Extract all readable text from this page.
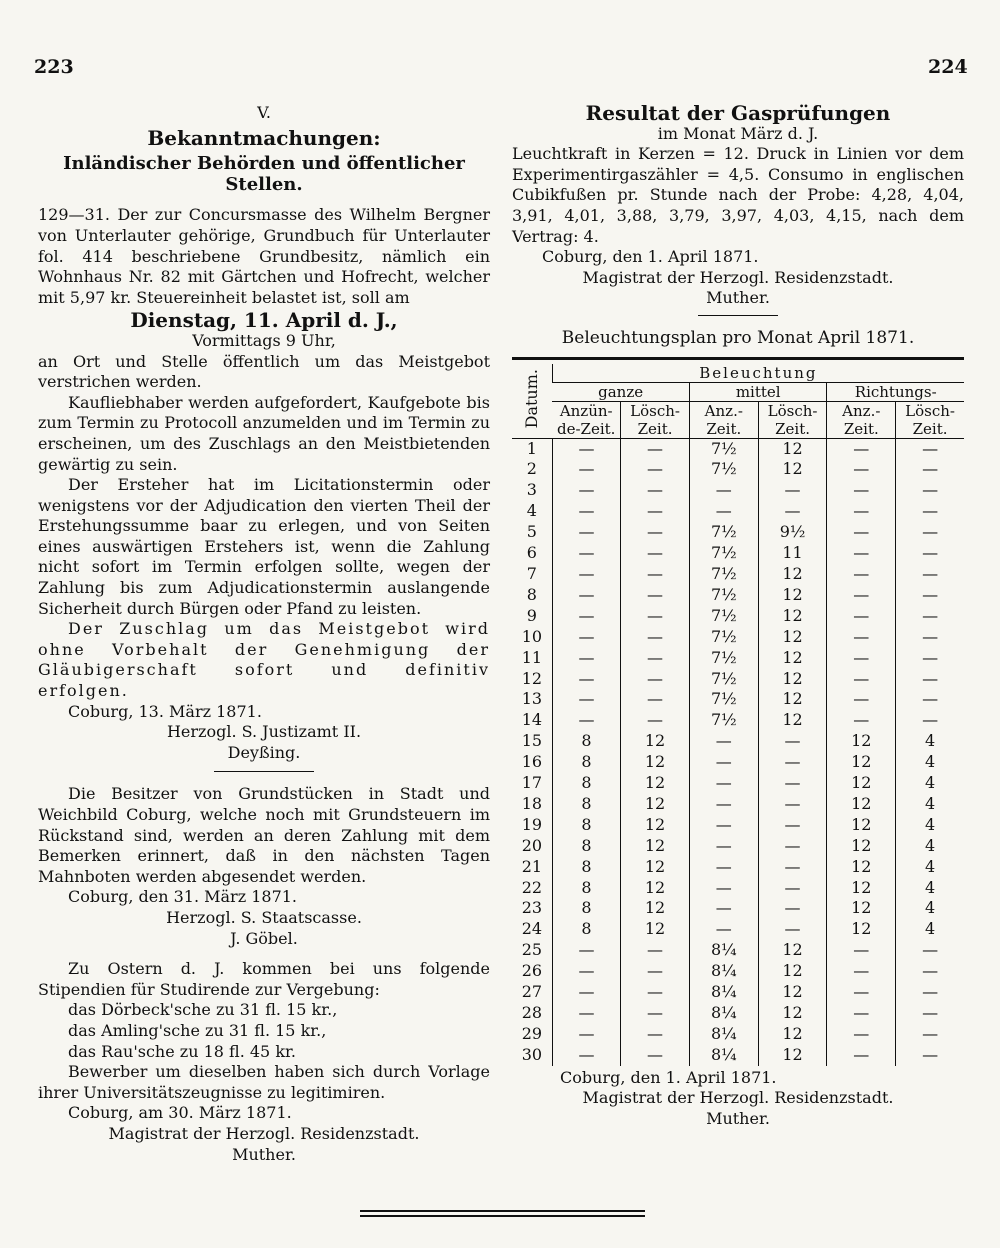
223	224

V.

Bekanntmachungen:

Inländischer Behörden und öffentlicher Stellen.

129—31. Der zur Concursmasse des Wilhelm Bergner von Unterlauter gehörige, Grundbuch für Unterlauter fol. 414 beschriebene Grundbesitz, nämlich ein Wohnhaus Nr. 82 mit Gärtchen und Hofrecht, welcher mit 5,97 kr. Steuereinheit belastet ist, soll am

Dienstag, 11. April d. J.,

Vormittags 9 Uhr,

an Ort und Stelle öffentlich um das Meistgebot verstrichen werden.

Kaufliebhaber werden aufgefordert, Kaufgebote bis zum Termin zu Protocoll anzumelden und im Termin zu erscheinen, um des Zuschlags an den Meistbietenden gewärtig zu sein.

Der Ersteher hat im Licitationstermin oder wenigstens vor der Adjudication den vierten Theil der Erstehungssumme baar zu erlegen, und von Seiten eines auswärtigen Erstehers ist, wenn die Zahlung nicht sofort im Termin erfolgen sollte, wegen der Zahlung bis zum Adjudicationstermin auslangende Sicherheit durch Bürgen oder Pfand zu leisten.

Der Zuschlag um das Meistgebot wird ohne Vorbehalt der Genehmigung der Gläubigerschaft sofort und definitiv erfolgen.

Coburg, 13. März 1871.

Herzogl. S. Justizamt II.

Deyßing.

Die Besitzer von Grundstücken in Stadt und Weichbild Coburg, welche noch mit Grundsteuern im Rückstand sind, werden an deren Zahlung mit dem Bemerken erinnert, daß in den nächsten Tagen Mahnboten werden abgesendet werden.

Coburg, den 31. März 1871.

Herzogl. S. Staatscasse.

J. Göbel.

Zu Ostern d. J. kommen bei uns folgende Stipendien für Studirende zur Vergebung:

das Dörbeck'sche zu 31 fl. 15 kr.,

das Amling'sche zu 31 fl. 15 kr.,

das Rau'sche zu 18 fl. 45 kr.

Bewerber um dieselben haben sich durch Vorlage ihrer Universitätszeugnisse zu legitimiren.

Coburg, am 30. März 1871.

Magistrat der Herzogl. Residenzstadt.

Muther.

Resultat der Gasprüfungen

im Monat März d. J.

Leuchtkraft in Kerzen = 12. Druck in Linien vor dem Experimentirgaszähler = 4,5. Consumo in englischen Cubikfußen pr. Stunde nach der Probe: 4,28, 4,04, 3,91, 4,01, 3,88, 3,79, 3,97, 4,03, 4,15, nach dem Vertrag: 4.

Coburg, den 1. April 1871.

Magistrat der Herzogl. Residenzstadt.

Muther.

Beleuchtungsplan pro Monat April 1871.

Datum.	Beleuchtung					
	ganze		mittel		Richtungs-	
	Anzün-de-Zeit.	Lösch-Zeit.	Anz.-Zeit.	Lösch-Zeit.	Anz.-Zeit.	Lösch-Zeit.
1	—	—	7½	12	—	—
2	—	—	7½	12	—	—
3	—	—	—	—	—	—
4	—	—	—	—	—	—
5	—	—	7½	9½	—	—
6	—	—	7½	11	—	—
7	—	—	7½	12	—	—
8	—	—	7½	12	—	—
9	—	—	7½	12	—	—
10	—	—	7½	12	—	—
11	—	—	7½	12	—	—
12	—	—	7½	12	—	—
13	—	—	7½	12	—	—
14	—	—	7½	12	—	—
15	8	12	—	—	12	4
16	8	12	—	—	12	4
17	8	12	—	—	12	4
18	8	12	—	—	12	4
19	8	12	—	—	12	4
20	8	12	—	—	12	4
21	8	12	—	—	12	4
22	8	12	—	—	12	4
23	8	12	—	—	12	4
24	8	12	—	—	12	4
25	—	—	8¼	12	—	—
26	—	—	8¼	12	—	—
27	—	—	8¼	12	—	—
28	—	—	8¼	12	—	—
29	—	—	8¼	12	—	—
30	—	—	8¼	12	—	—

Coburg, den 1. April 1871.

Magistrat der Herzogl. Residenzstadt.

Muther.
